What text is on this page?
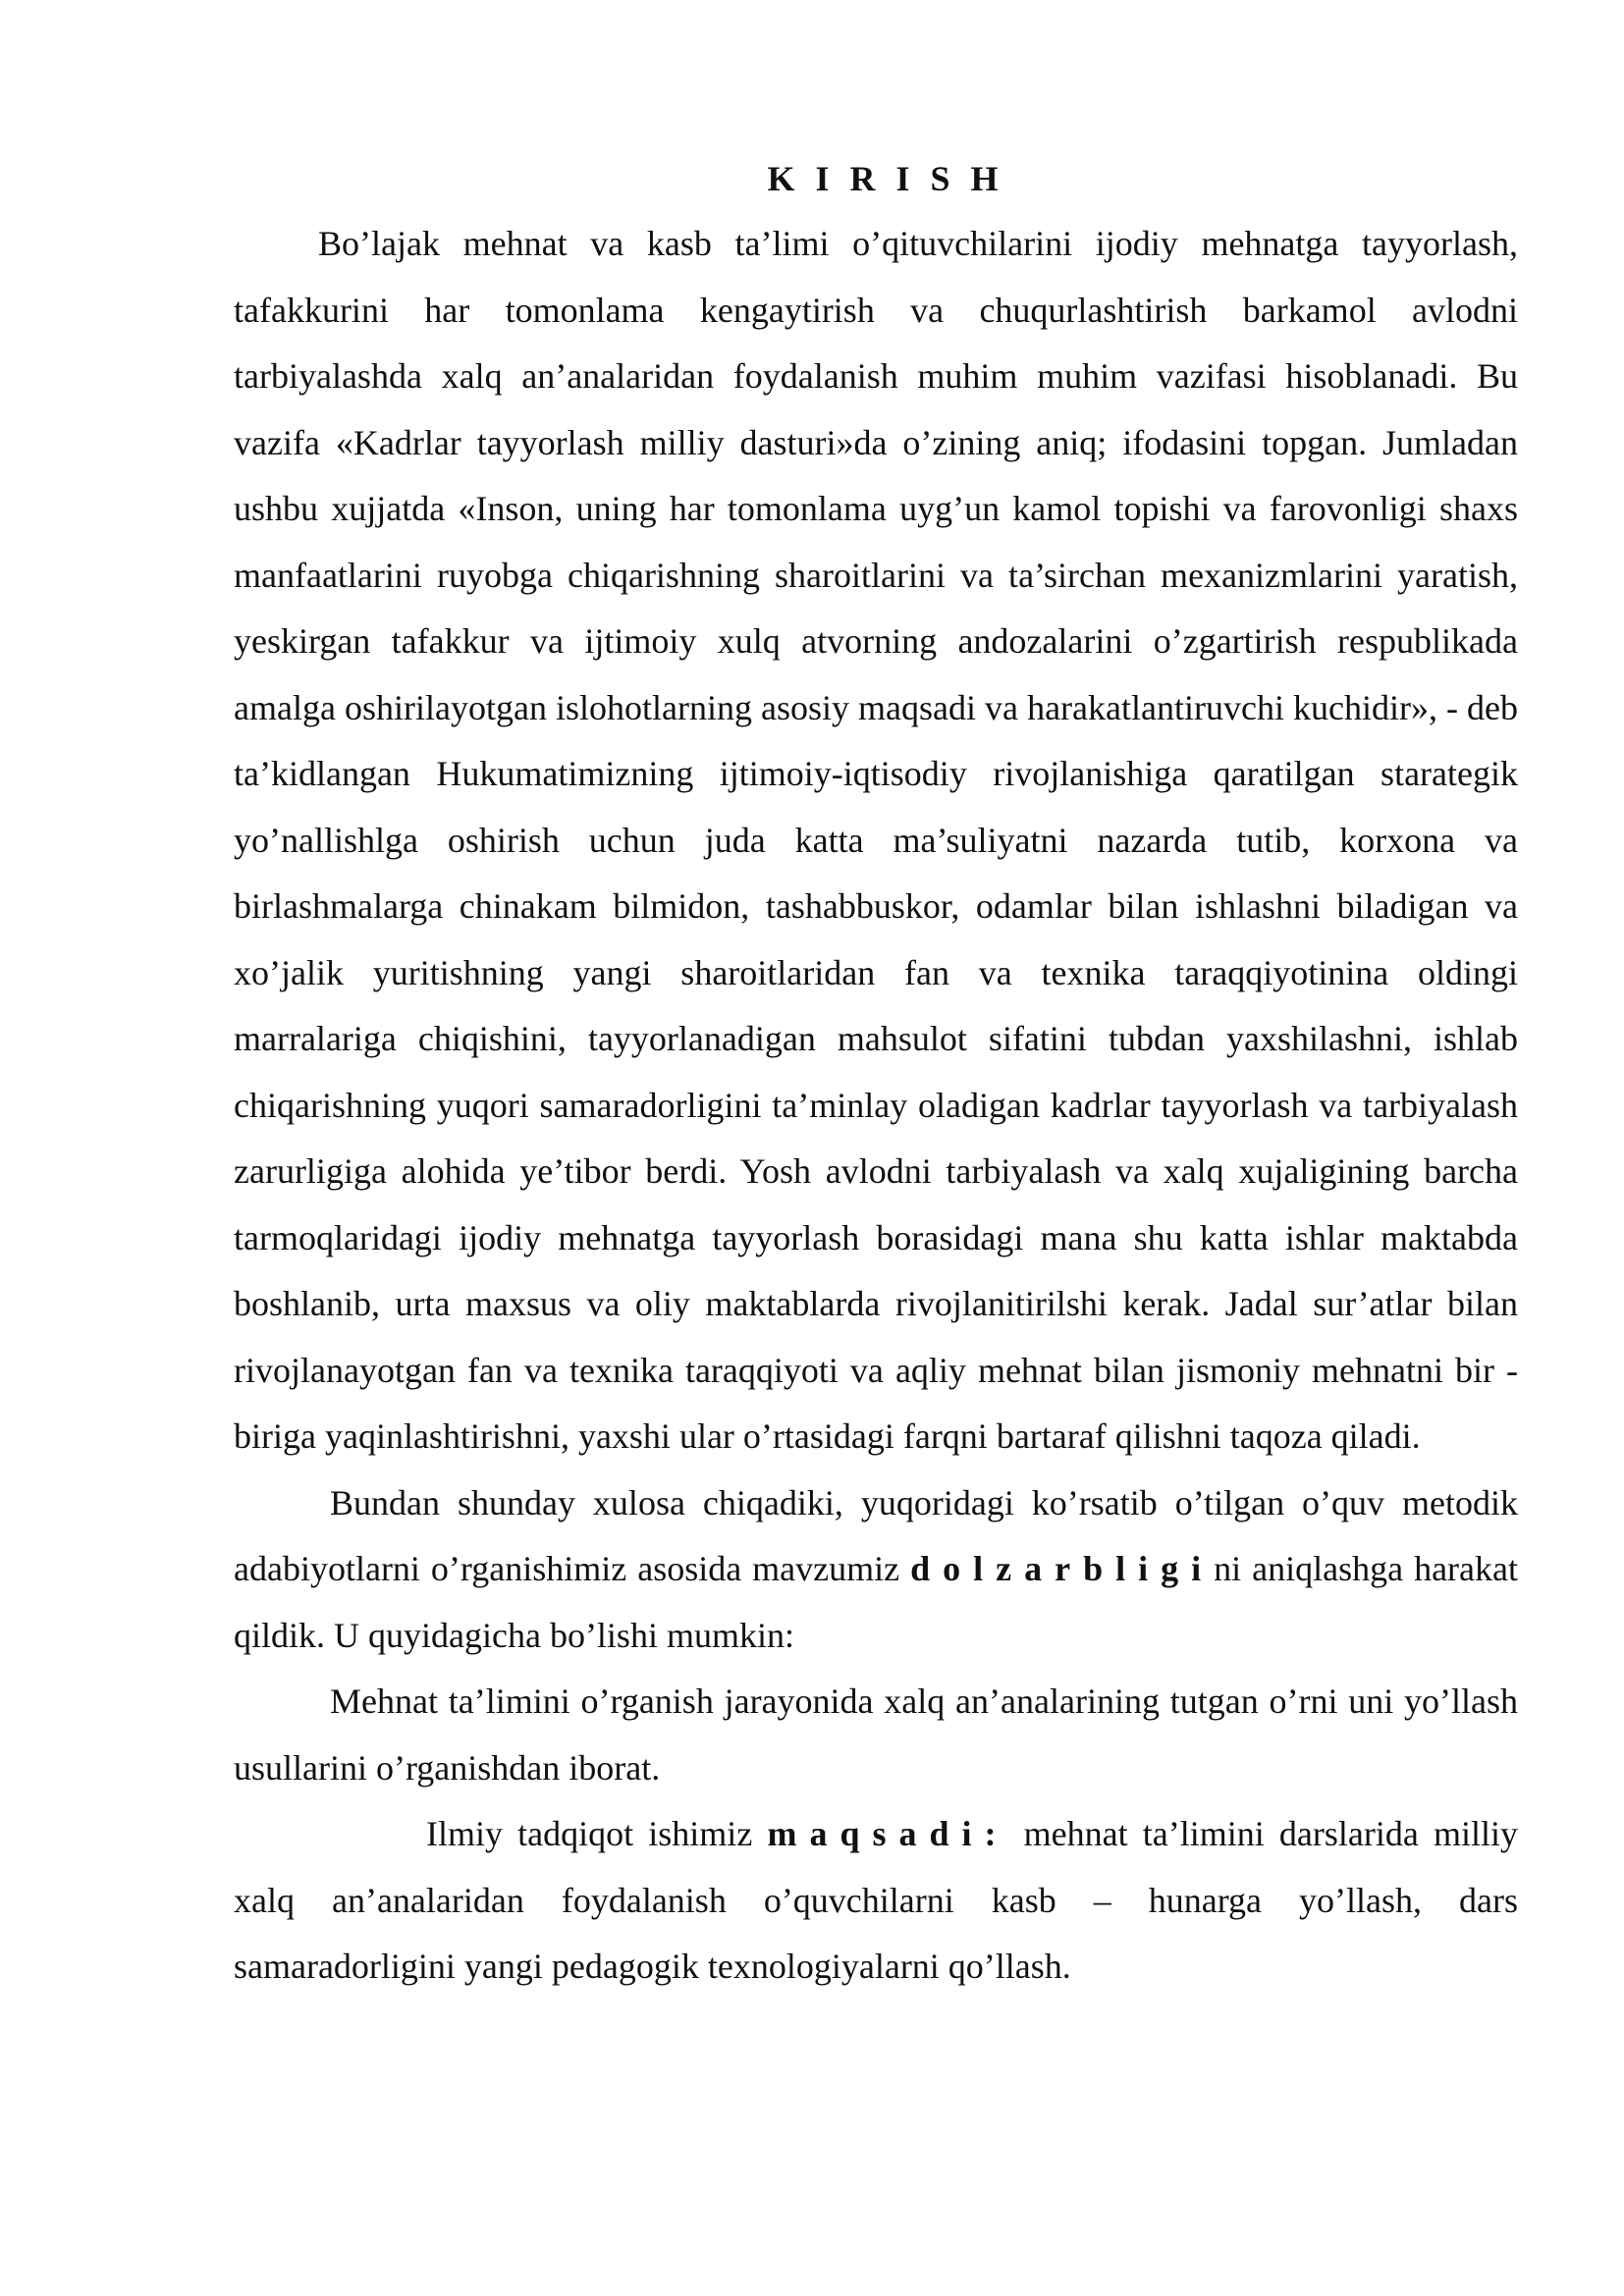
K I R I S H

Bo’lajak mehnat va kasb ta’limi o’qituvchilarini ijodiy mehnatga tayyorlash, tafakkurini har tomonlama kengaytirish va chuqurlashtirish barkamol avlodni tarbiyalashda xalq an’analaridan foydalanish muhim muhim vazifasi hisoblanadi. Bu vazifa «Kadrlar tayyorlash milliy dasturi»da o’zining aniq; ifodasini topgan. Jumladan ushbu xujjatda «Inson, uning har tomonlama uyg’un kamol topishi va farovonligi shaxs manfaatlarini ruyobga chiqarishning sharoitlarini va ta’sirchan mexanizmlarini yaratish, yeskirgan tafakkur va ijtimoiy xulq atvorning andozalarini o’zgartirish respublikada amalga oshirilayotgan islohotlarning asosiy maqsadi va harakatlantiruvchi kuchidir», - deb ta’kidlangan Hukumatimizning ijtimoiy-iqtisodiy rivojlanishiga qaratilgan starategik yo’nallishlga oshirish uchun juda katta ma’suliyatni nazarda tutib, korxona va birlashmalarga chinakam bilmidon, tashabbuskor, odamlar bilan ishlashni biladigan va xo’jalik yuritishning yangi sharoitlaridan fan va texnika taraqqiyotinina oldingi marralariga chiqishini, tayyorlanadigan mahsulot sifatini tubdan yaxshilashni, ishlab chiqarishning yuqori samaradorligini ta’minlay oladigan kadrlar tayyorlash va tarbiyalash zarurligiga alohida ye’tibor berdi. Yosh avlodni tarbiyalash va xalq xujaligining barcha tarmoqlaridagi ijodiy mehnatga tayyorlash borasidagi mana shu katta ishlar maktabda boshlanib, urta maxsus va oliy maktablarda rivojlanitirilshi kerak. Jadal sur’atlar bilan rivojlanayotgan fan va texnika taraqqiyoti va aqliy mehnat bilan jismoniy mehnatni bir - biriga yaqinlashtirishni, yaxshi ular o’rtasidagi farqni bartaraf qilishni taqoza qiladi.

Bundan shunday xulosa chiqadiki, yuqoridagi ko’rsatib o’tilgan o’quv metodik adabiyotlarni o’rganishimiz asosida mavzumiz dolzarbligini aniqlashga harakat qildik. U quyidagicha bo’lishi mumkin:

Mehnat ta’limini o’rganish jarayonida xalq an’analarining tutgan o’rni uni yo’llash usullarini o’rganishdan iborat.

Ilmiy tadqiqot ishimiz maqsadi: mehnat ta’limini darslarida milliy xalq an’analaridan foydalanish o’quvchilarni kasb – hunarga yo’llash, dars samaradorligini yangi pedagogik texnologiyalarni qo’llash.
